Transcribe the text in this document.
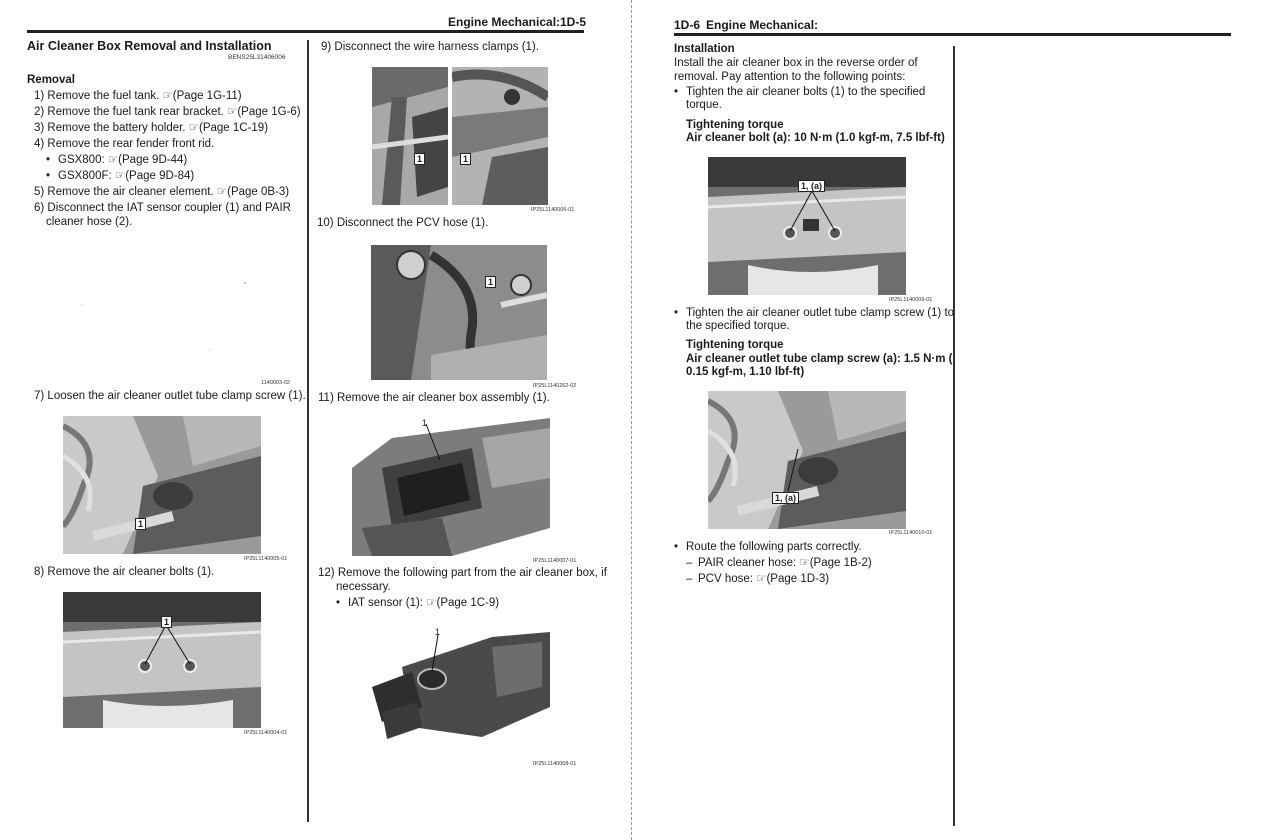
Engine Mechanical: 1D-5
Air Cleaner Box Removal and Installation
BENS25L31406006
Removal
1) Remove the fuel tank. ☞(Page 1G-11)
2) Remove the fuel tank rear bracket. ☞(Page 1G-6)
3) Remove the battery holder. ☞(Page 1C-19)
4) Remove the rear fender front rid.
• GSX800: ☞(Page 9D-44)
• GSX800F: ☞(Page 9D-84)
5) Remove the air cleaner element. ☞(Page 0B-3)
6) Disconnect the IAT sensor coupler (1) and PAIR
cleaner hose (2).
1140003-02
7) Loosen the air cleaner outlet tube clamp screw (1).
1
IP25L1140005-01
8) Remove the air cleaner bolts (1).
1
IP25L1140004-01
9) Disconnect the wire harness clamps (1).
1	1
IP25L1140006-01
10) Disconnect the PCV hose (1).
1
IP25L1140262-02
11) Remove the air cleaner box assembly (1).
1
IP25L1140007-01
12) Remove the following part from the air cleaner box, if
necessary.
• IAT sensor (1): ☞(Page 1C-9)
1
IP25L1140008-01
1D-6 Engine Mechanical:
Installation
Install the air cleaner box in the reverse order of
removal. Pay attention to the following points:
• Tighten the air cleaner bolts (1) to the specified
torque.
Tightening torque
Air cleaner bolt (a): 10 N·m (1.0 kgf-m, 7.5 lbf-ft)
1, (a)
IP25L1140009-01
• Tighten the air cleaner outlet tube clamp screw (1) to
the specified torque.
Tightening torque
Air cleaner outlet tube clamp screw (a): 1.5 N·m (
0.15 kgf-m, 1.10 lbf-ft)
1, (a)
IP25L1140010-01
• Route the following parts correctly.
– PAIR cleaner hose: ☞(Page 1B-2)
– PCV hose: ☞(Page 1D-3)
